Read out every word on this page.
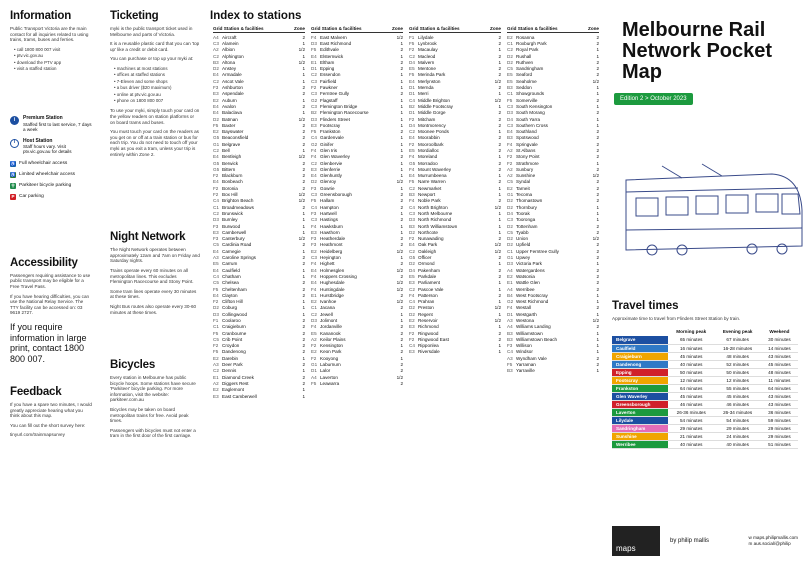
Information

Public Transport Victoria are the main contact for all inquiries related to using trains, trams, buses and ferries.

• call 1800 800 007 visit
• ptv.vic.gov.au
• download the PTV app
• visit a staffed station
i	Premium Station
Staffed first to last service, 7 days a week
i	Host Station
Staff hours vary. Visit ptv.vic.gov.au for details
♿ Full wheelchair access
♿ Limited wheelchair access
⚲ Parkiteer bicycle parking
P Car parking
Accessibility

Passengers requiring assistance to use public transport may be eligible for a Free Travel Pass.

If you have hearing difficulties, you can use the National Relay Service. The TTY facility can be accessed on: 03 9619 2727.

If you require information in large print, contact 1800 800 007.

Feedback

If you have a spare two minutes, I would greatly appreciate hearing what you think about this map.

You can fill out the short survey here:

tinyurl.com/trainmapsurvey

Ticketing

myki is the public transport ticket used in Melbourne and parts of Victoria.

It is a reusable plastic card that you can 'top up' like a credit or debit card.

You can purchase or top up your myki at:

• machines at most stations
• offices at staffed stations
• 7-Eleven and some shops
• a bus driver ($20 maximum)
• online at ptv.vic.gov.au
• phone on 1800 800 007

To use your myki, simply touch your card on the yellow readers on station platforms or on board trams and buses.

You must touch your card on the readers as you get on or off at a train station or bus for each trip. You do not need to touch off your myki as you exit a tram, unless your trip is entirely within Zone 2.

Night Network

The Night Network operates between approximately 12am and 7am on Friday and Saturday nights.

Trains operate every 60 minutes on all metropolitan lines. This excludes Flemington Racecourse and Stony Point.

Some tram lines operate every 30 minutes at these times.

Night Bus routes also operate every 30-60 minutes at these times.

Bicycles

Every station in Melbourne has public bicycle hoops. Some stations have secure 'Parkiteer' bicycle parking. For more information, visit the website: parkiteer.com.au

Bicycles may be taken on board metropolitan trains for free. Avoid peak times.

Passengers with bicycles must not enter a tram in the first door of the first carriage.

Index to stations
Grid Station & facilities	Zone
A4 Aircraft	2
C3 Alamein	1
A2 Albion	1/2
C2 Alphington	1
B3 Altona	1/2
D2 Anstey	1
E4 Armadale	1
C2 Ascot Vale	1
F3 Ashburton	2
E3 Aspendale	2
E2 Auburn	1
E4 Avalon	2
E4 Balaclava	1
D2 Batman	1/2
F5 Baxter	2
E2 Bayswater	2
G5 Beaconsfield	2
G1 Belgrave	2
C2 Bell	1
E4 Bentleigh	1/2
G5 Berwick	2
G5 Bittern	2
F2 Blackburn	2
E4 Bonbeach	2
F2 Boronia	2
F2 Box Hill	1/2
C4 Brighton Beach	1/2
C1 Broadmeadows	2
C2 Brunswick	1
D3 Burnley	1
F3 Burwood	1
E3 Camberwell	1
F3 Canterbury	1/2
C5 Cardinia Road	2
E4 Carnegie	1
A3 Caroline Springs	2
E5 Carrum	2
E4 Caulfield	1
C4 Chatham	1
C5 Chelsea	2
F5 Cheltenham	2
E4 Clayton	2
F2 Clifton Hill	1
D2 Coburg	1
D3 Collingwood	1
F1 Coolaroo	2
C1 Craigieburn	2
F5 Cranbourne	2
C5 Crib Point	2
F2 Croydon	2
F5 Dandenong	2
E2 Darebin	1
A3 Deer Park	2
C2 Dennis	1
E1 Diamond Creek	2
A2 Diggers Rest	2
E2 Eaglemont	1
E3 East Camberwell	1
Grid Station & facilities	Zone
F4 East Malvern	1/2
D3 East Richmond	1
F5 Edithvale	2
E4 Elsternwick	1
E1 Eltham	2
D1 Epping	2
C2 Essendon	1
C3 Fairfield	1
F2 Fawkner	1
C3 Ferntree Gully	2
G2 Flagstaff	1
C3 Flemington Bridge	1
B2 Flemington Racecourse	1
D3 Flinders Street	1
E3 Footscray	1
F5 Frankston	2
C4 Gardenvale	1
G2 Ginifer	1
F4 Glen Iris	1
F4 Glen Waverley	2
C2 Glenbervie	1
E3 Glenferrie	1
E4 Glenhuntly	1
D2 Glenroy	1/2
F3 Gowrie	1
C3 Greensborough	2
F5 Hallam	2
C4 Hampton	2
F3 Hartwell	1
C3 Hastings	2
F4 Hawksburn	1
E3 Hawthorn	1
F3 Heatherdale	2
F3 Heathmont	2
E2 Heidelberg	1/2
C3 Heyington	1
F4 Highett	2
E4 Holmesglen	1/2
F4 Hoppers Crossing	2
E4 Hughesdale	1/2
F4 Huntingdale	1/2
E1 Hurstbridge	2
E2 Ivanhoe	1/2
C1 Jacana	2
C2 Jewell	1
D3 Jolimont	1
F4 Jordanville	2
E5 Kananook	2
A2 Keilor Plains	2
F2 Kensington	1
E2 Keon Park	2
F2 Kooyong	1
G1 Laburnum	2
D1 Lalor	2
A4 Laverton	1/2
F5 Leawarra	2
Grid Station & facilities	Zone
F1 Lilydale	2
F5 Lynbrook	2
F2 Macaulay	1
C2 Macleod	2
D4 Malvern	1
E5 Mentone	2
F5 Merinda Park	2
E4 Merlynston	1/2
D1 Mernda	2
D1 Merri	1
C4 Middle Brighton	1/2
B2 Middle Footscray	1
D1 Middle Gorge	2
F2 Mitcham	2
D4 Montmorency	2
C2 Moonee Ponds	1
E4 Moorabbin	2
F2 Mooroolbark	2
E5 Mordialloc	2
F4 Moreland	1
G5 Morradoo	2
F4 Mount Waverley	2
E4 Murrumbeena	1
F5 Narre Warren	2
C2 Newmarket	1
B3 Newport	1
F4 Noble Park	2
C4 North Brighton	1/2
C3 North Melbourne	1
D3 North Richmond	1
B3 North Williamstown	1
D2 Northcote	1
F2 Nunawading	2
E4 Oak Park	1/2
C2 Oakleigh	1/2
G5 Officer	2
D2 Ormond	1
D4 Pakenham	2
E5 Parkdale	2
E3 Parliament	1
C2 Pascoe Vale	1
F4 Patterson	2
C4 Prahran	1
D2 Preston	1/2
D2 Regent	1
E2 Reservoir	1/2
E3 Richmond	1
F2 Ringwood	2
F2 Ringwood East	2
C4 Ripponlea	1
E3 Riversdale	1
Grid Station & facilities	Zone
E2 Rosanna	2
C1 Roxburgh Park	2
C2 Royal Park	1
D2 Rushall	1
D2 Ruthven	2
C5 Sandringham	2
E5 Seaford	2
E5 Seaholme	1/2
B3 Seddon	1
C1 Showgrounds	1
F5 Somerville	2
C3 South Kensington	1
D3 South Morang	2
D4 South Yarra	1
C3 Southern Cross	1
E4 Southland	2
B3 Spotswood	2
F4 Springvale	2
A2 St Albans	2
F2 Stony Point	2
F2 Strathmore	1
A2 Sunbury	2
A2 Sunshine	1/2
C5 Syndal	2
E2 Tarneit	2
G1 Tecoma	2
D2 Thomastown	2
D2 Thornbury	1
D4 Toorak	1
C3 Tooronga	1
D2 Tottenham	2
C5 Tyabb	2
D2 Union	1/2
D2 Upfield	2
C1 Upper Ferntree Gully	2
G1 Upwey	2
D3 Victoria Park	1
A4 Watergardens	2
E2 Watsonia	2
E1 Wattle Glen	2
A4 Werribee	2
B4 West Footscray	1
G2 West Richmond	1
F4 Westall	2
D1 Westgarth	1
A3 Westona	1/2
A4 Williams Landing	2
B3 Williamstown	1
B3 Williamstown Beach	1
F3 Willison	1
C4 Windsor	1
A3 Wyndham Vale	2
F5 Yarraman	2
B3 Yarraville	1
Melbourne Rail Network Pocket Map
Edition 2 > October 2023
Travel times

Approximate time to travel from Flinders Street Station by train.

	Morning peak	Evening peak	Weekend
Belgrave	65 minutes	67 minutes	30 minutes
Caulfield	16 minutes	16-28 minutes	14 minutes
Craigieburn	45 minutes	48 minutes	43 minutes
Dandenong	40 minutes	52 minutes	45 minutes
Epping	50 minutes	50 minutes	48 minutes
Footscray	12 minutes	12 minutes	11 minutes
Frankston	64 minutes	55 minutes	64 minutes
Glen Waverley	45 minutes	45 minutes	43 minutes
Greensborough	46 minutes	46 minutes	43 minutes
Laverton	26-36 minutes	26-34 minutes	36 minutes
Lilydale	54 minutes	54 minutes	59 minutes
Sandringham	29 minutes	29 minutes	29 minutes
Sunshine	21 minutes	24 minutes	29 minutes
Werribee	40 minutes	40 minutes	51 minutes
maps
by philip mallis	w maps.philipmallis.com
m aus.social/@philip
